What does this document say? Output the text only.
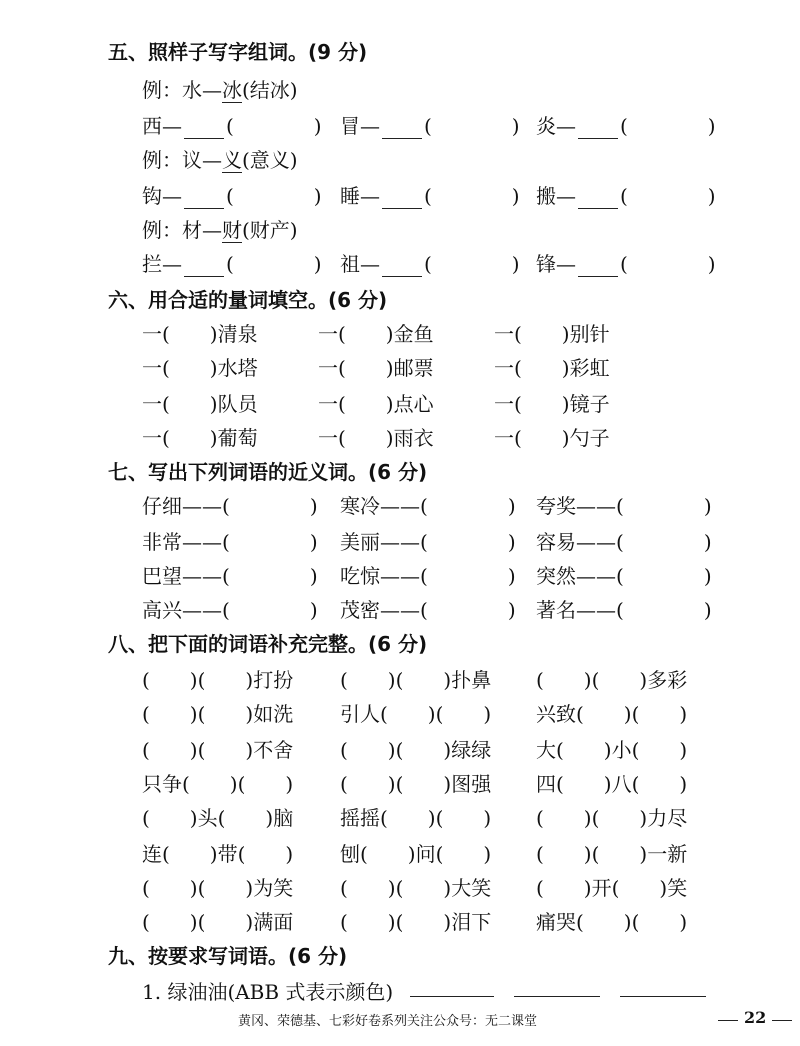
五、照样子写字组词。(9 分)
例：水—冰(结冰)
西— (　　　　) 冒— (　　　　) 炎— (　　　　)
例：议—义(意义)
钩— (　　　　) 睡— (　　　　) 搬— (　　　　)
例：材—财(财产)
拦— (　　　　) 祖— (　　　　) 锋— (　　　　)
六、用合适的量词填空。(6 分)
一(　　)清泉	一(　　)金鱼	一(　　)别针
一(　　)水塔	一(　　)邮票	一(　　)彩虹
一(　　)队员	一(　　)点心	一(　　)镜子
一(　　)葡萄	一(　　)雨衣	一(　　)勺子
七、写出下列词语的近义词。(6 分)
仔细——(　　　　	) 寒冷——(　　　　	) 夸奖——(　　　　	)
非常——(　　　　	) 美丽——(　　　　	) 容易——(　　　　	)
巴望——(　　　　	) 吃惊——(　　　　	) 突然——(　　　　	)
高兴——(　　　　	) 茂密——(　　　　	) 著名——(　　　　	)
八、把下面的词语补充完整。(6 分)
(　　)(　　)打扮 (　　)(　　)扑鼻 (　　)(　　)多彩
(　　)(　　)如洗 引人(　　)(　　) 兴致(　　)(　　)
(　　)(　　)不舍 (　　)(　　)绿绿 大(　　)小(　　)
只争(　　)(　　) (　　)(　　)图强 四(　　)八(　　)
(　　)头(　　)脑 摇摇(　　)(　　) (　　)(　　)力尽
连(　　)带(　　) 刨(　　)问(　　) (　　)(　　)一新
(　　)(　　)为笑 (　　)(　　)大笑 (　　)开(　　)笑
(　　)(　　)满面 (　　)(　　)泪下 痛哭(　　)(　　)
九、按要求写词语。(6 分)
1. 绿油油(ABB 式表示颜色)
黄冈、荣德基、七彩好卷系列关注公众号：无二课堂	22
